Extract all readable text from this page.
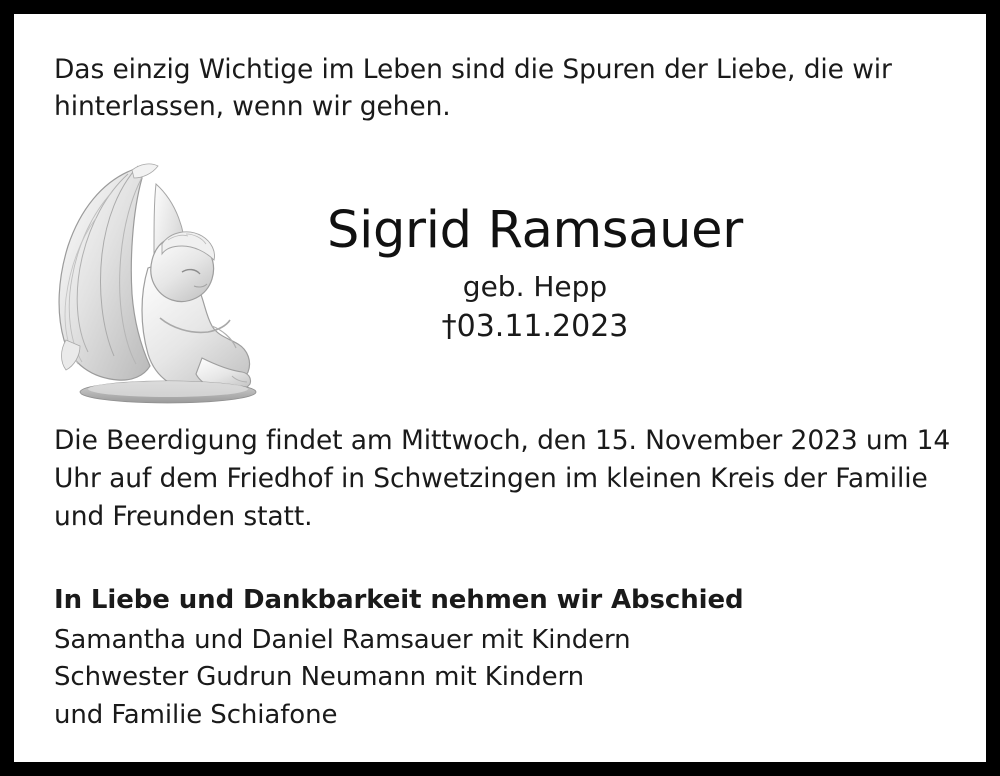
Das einzig Wichtige im Leben sind die Spuren der Liebe, die wir hinterlassen, wenn wir gehen.
Sigrid Ramsauer
geb. Hepp
†03.11.2023
Die Beerdigung findet am Mittwoch, den 15. November 2023 um 14 Uhr auf dem Friedhof in Schwetzingen im kleinen Kreis der Familie und Freunden statt.
In Liebe und Dankbarkeit nehmen wir Abschied
Samantha und Daniel Ramsauer mit Kindern
Schwester Gudrun Neumann mit Kindern
und Familie Schiafone
